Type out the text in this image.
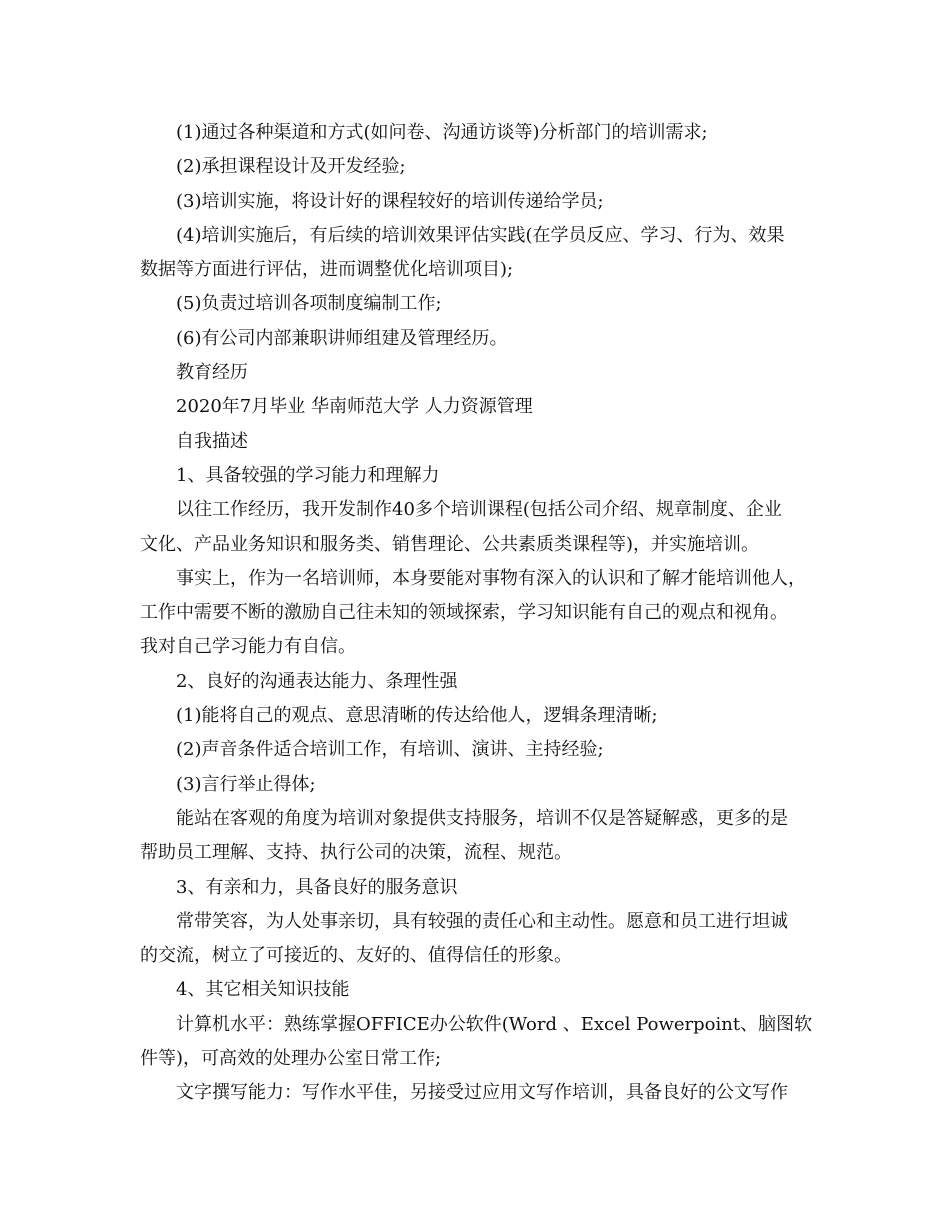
(1)通过各种渠道和方式(如问卷、沟通访谈等)分析部门的培训需求;
(2)承担课程设计及开发经验;
(3)培训实施，将设计好的课程较好的培训传递给学员;
(4)培训实施后，有后续的培训效果评估实践(在学员反应、学习、行为、效果
数据等方面进行评估，进而调整优化培训项目);
(5)负责过培训各项制度编制工作;
(6)有公司内部兼职讲师组建及管理经历。
教育经历
2020年7月毕业 华南师范大学 人力资源管理
自我描述
1、具备较强的学习能力和理解力
以往工作经历，我开发制作40多个培训课程(包括公司介绍、规章制度、企业
文化、产品业务知识和服务类、销售理论、公共素质类课程等)，并实施培训。
事实上，作为一名培训师，本身要能对事物有深入的认识和了解才能培训他人，
工作中需要不断的激励自己往未知的领域探索，学习知识能有自己的观点和视角。
我对自己学习能力有自信。
2、良好的沟通表达能力、条理性强
(1)能将自己的观点、意思清晰的传达给他人，逻辑条理清晰;
(2)声音条件适合培训工作，有培训、演讲、主持经验;
(3)言行举止得体;
能站在客观的角度为培训对象提供支持服务，培训不仅是答疑解惑，更多的是
帮助员工理解、支持、执行公司的决策，流程、规范。
3、有亲和力，具备良好的服务意识
常带笑容，为人处事亲切，具有较强的责任心和主动性。愿意和员工进行坦诚
的交流，树立了可接近的、友好的、值得信任的形象。
4、其它相关知识技能
计算机水平：熟练掌握OFFICE办公软件(Word 、Excel Powerpoint、脑图软
件等)，可高效的处理办公室日常工作;
文字撰写能力：写作水平佳，另接受过应用文写作培训，具备良好的公文写作
